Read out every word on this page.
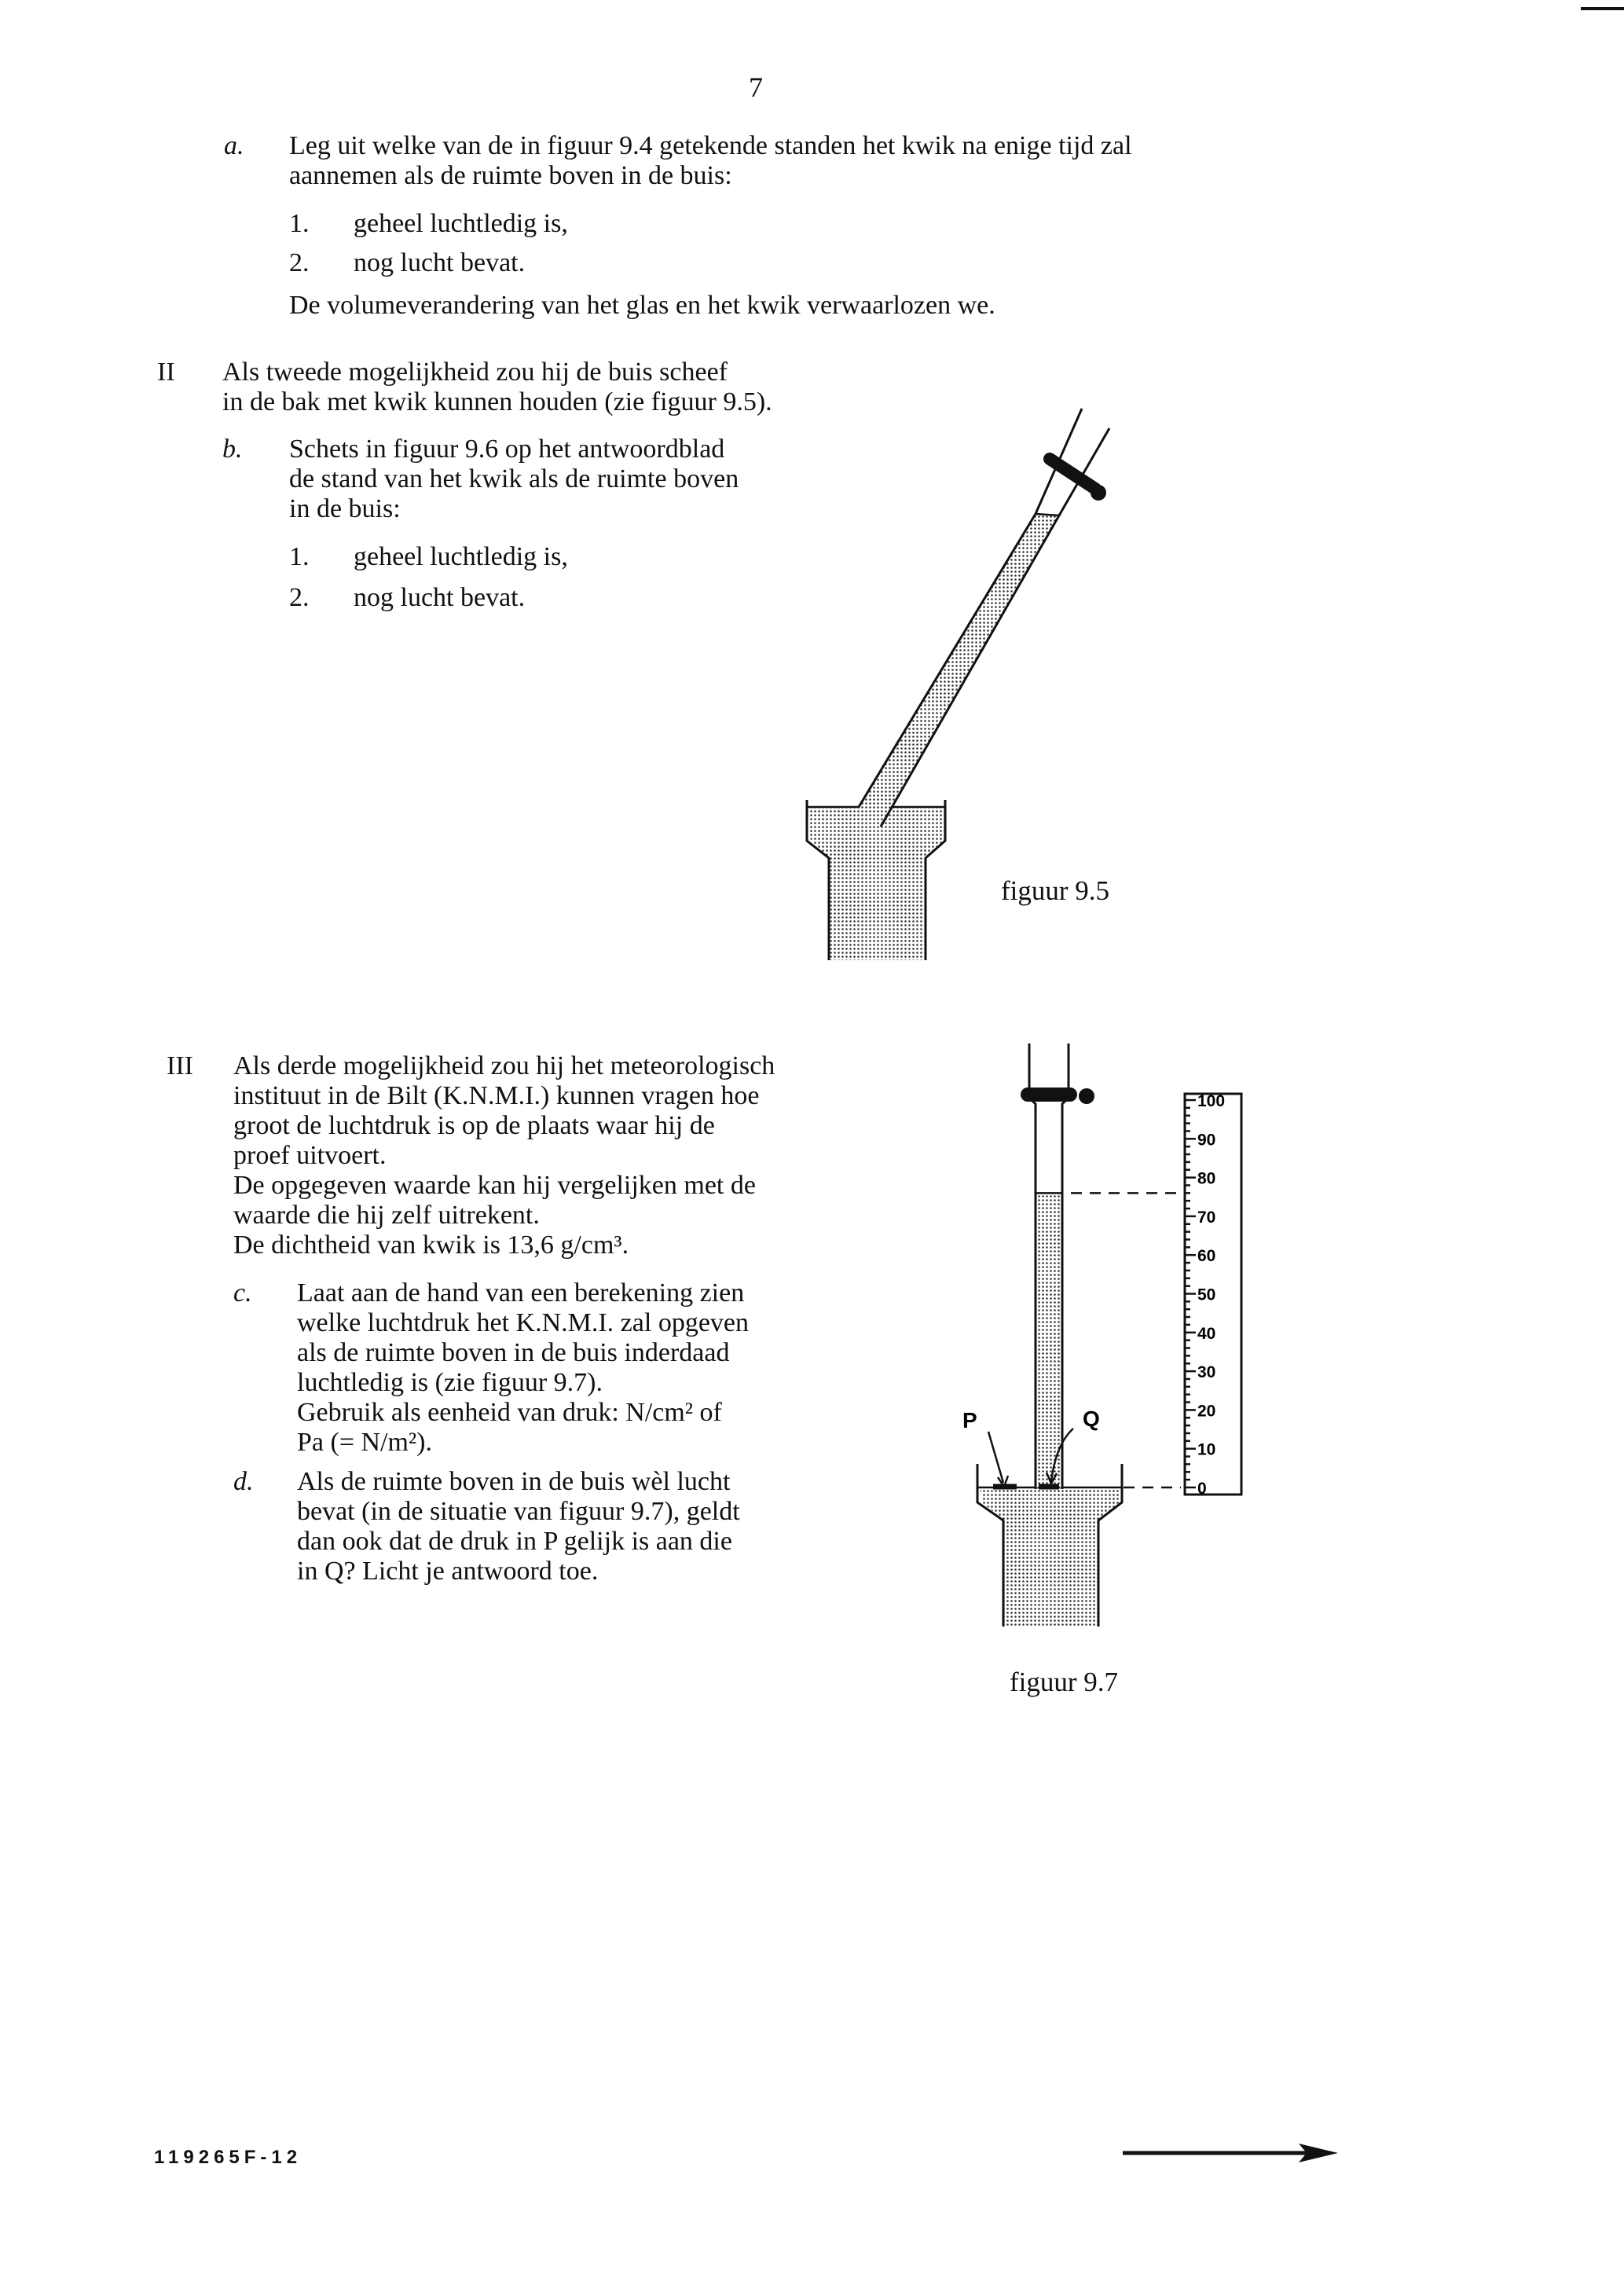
7
a. Leg uit welke van de in figuur 9.4 getekende standen het kwik na enige tijd zal
aannemen als de ruimte boven in de buis:
1. geheel luchtledig is,
2. nog lucht bevat.
De volumeverandering van het glas en het kwik verwaarlozen we.
II Als tweede mogelijkheid zou hij de buis scheef
in de bak met kwik kunnen houden (zie figuur 9.5).
b. Schets in figuur 9.6 op het antwoordblad
de stand van het kwik als de ruimte boven
in de buis:
1. geheel luchtledig is,
2. nog lucht bevat.
figuur 9.5
III Als derde mogelijkheid zou hij het meteorologisch
instituut in de Bilt (K.N.M.I.) kunnen vragen hoe
groot de luchtdruk is op de plaats waar hij de
proef uitvoert.
De opgegeven waarde kan hij vergelijken met de
waarde die hij zelf uitrekent.
De dichtheid van kwik is 13,6 g/cm³.
c. Laat aan de hand van een berekening zien
welke luchtdruk het K.N.M.I. zal opgeven
als de ruimte boven in de buis inderdaad
luchtledig is (zie figuur 9.7).
Gebruik als eenheid van druk: N/cm² of
Pa (= N/m²).
d. Als de ruimte boven in de buis wèl lucht
bevat (in de situatie van figuur 9.7), geldt
dan ook dat de druk in P gelijk is aan die
in Q? Licht je antwoord toe.
P	Q
100
90
80
70
60
50
40
30
20
10
0
figuur 9.7
119265F-12
